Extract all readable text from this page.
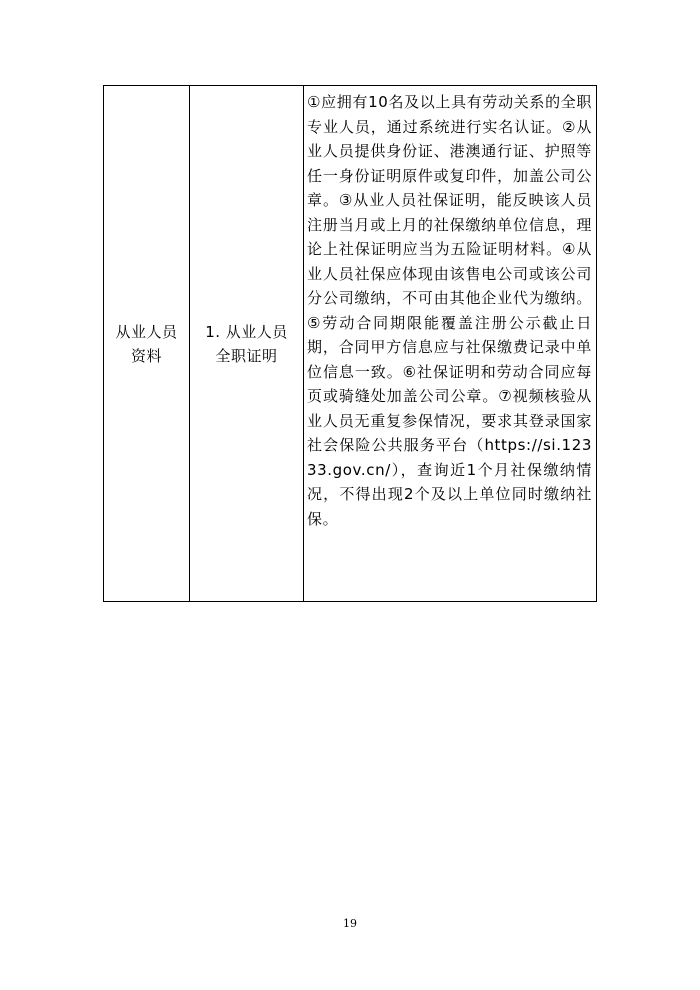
从业人员
资料
1. 从业人员
全职证明

①应拥有10名及以上具有劳动关系的全职专业人员，通过系统进行实名认证。②从业人员提供身份证、港澳通行证、护照等任一身份证明原件或复印件，加盖公司公章。③从业人员社保证明，能反映该人员注册当月或上月的社保缴纳单位信息，理论上社保证明应当为五险证明材料。④从业人员社保应体现由该售电公司或该公司分公司缴纳，不可由其他企业代为缴纳。⑤劳动合同期限能覆盖注册公示截止日期，合同甲方信息应与社保缴费记录中单位信息一致。⑥社保证明和劳动合同应每页或骑缝处加盖公司公章。⑦视频核验从业人员无重复参保情况，要求其登录国家社会保险公共服务平台（https://si.12333.gov.cn/），查询近1个月社保缴纳情况，不得出现2个及以上单位同时缴纳社保。

19
